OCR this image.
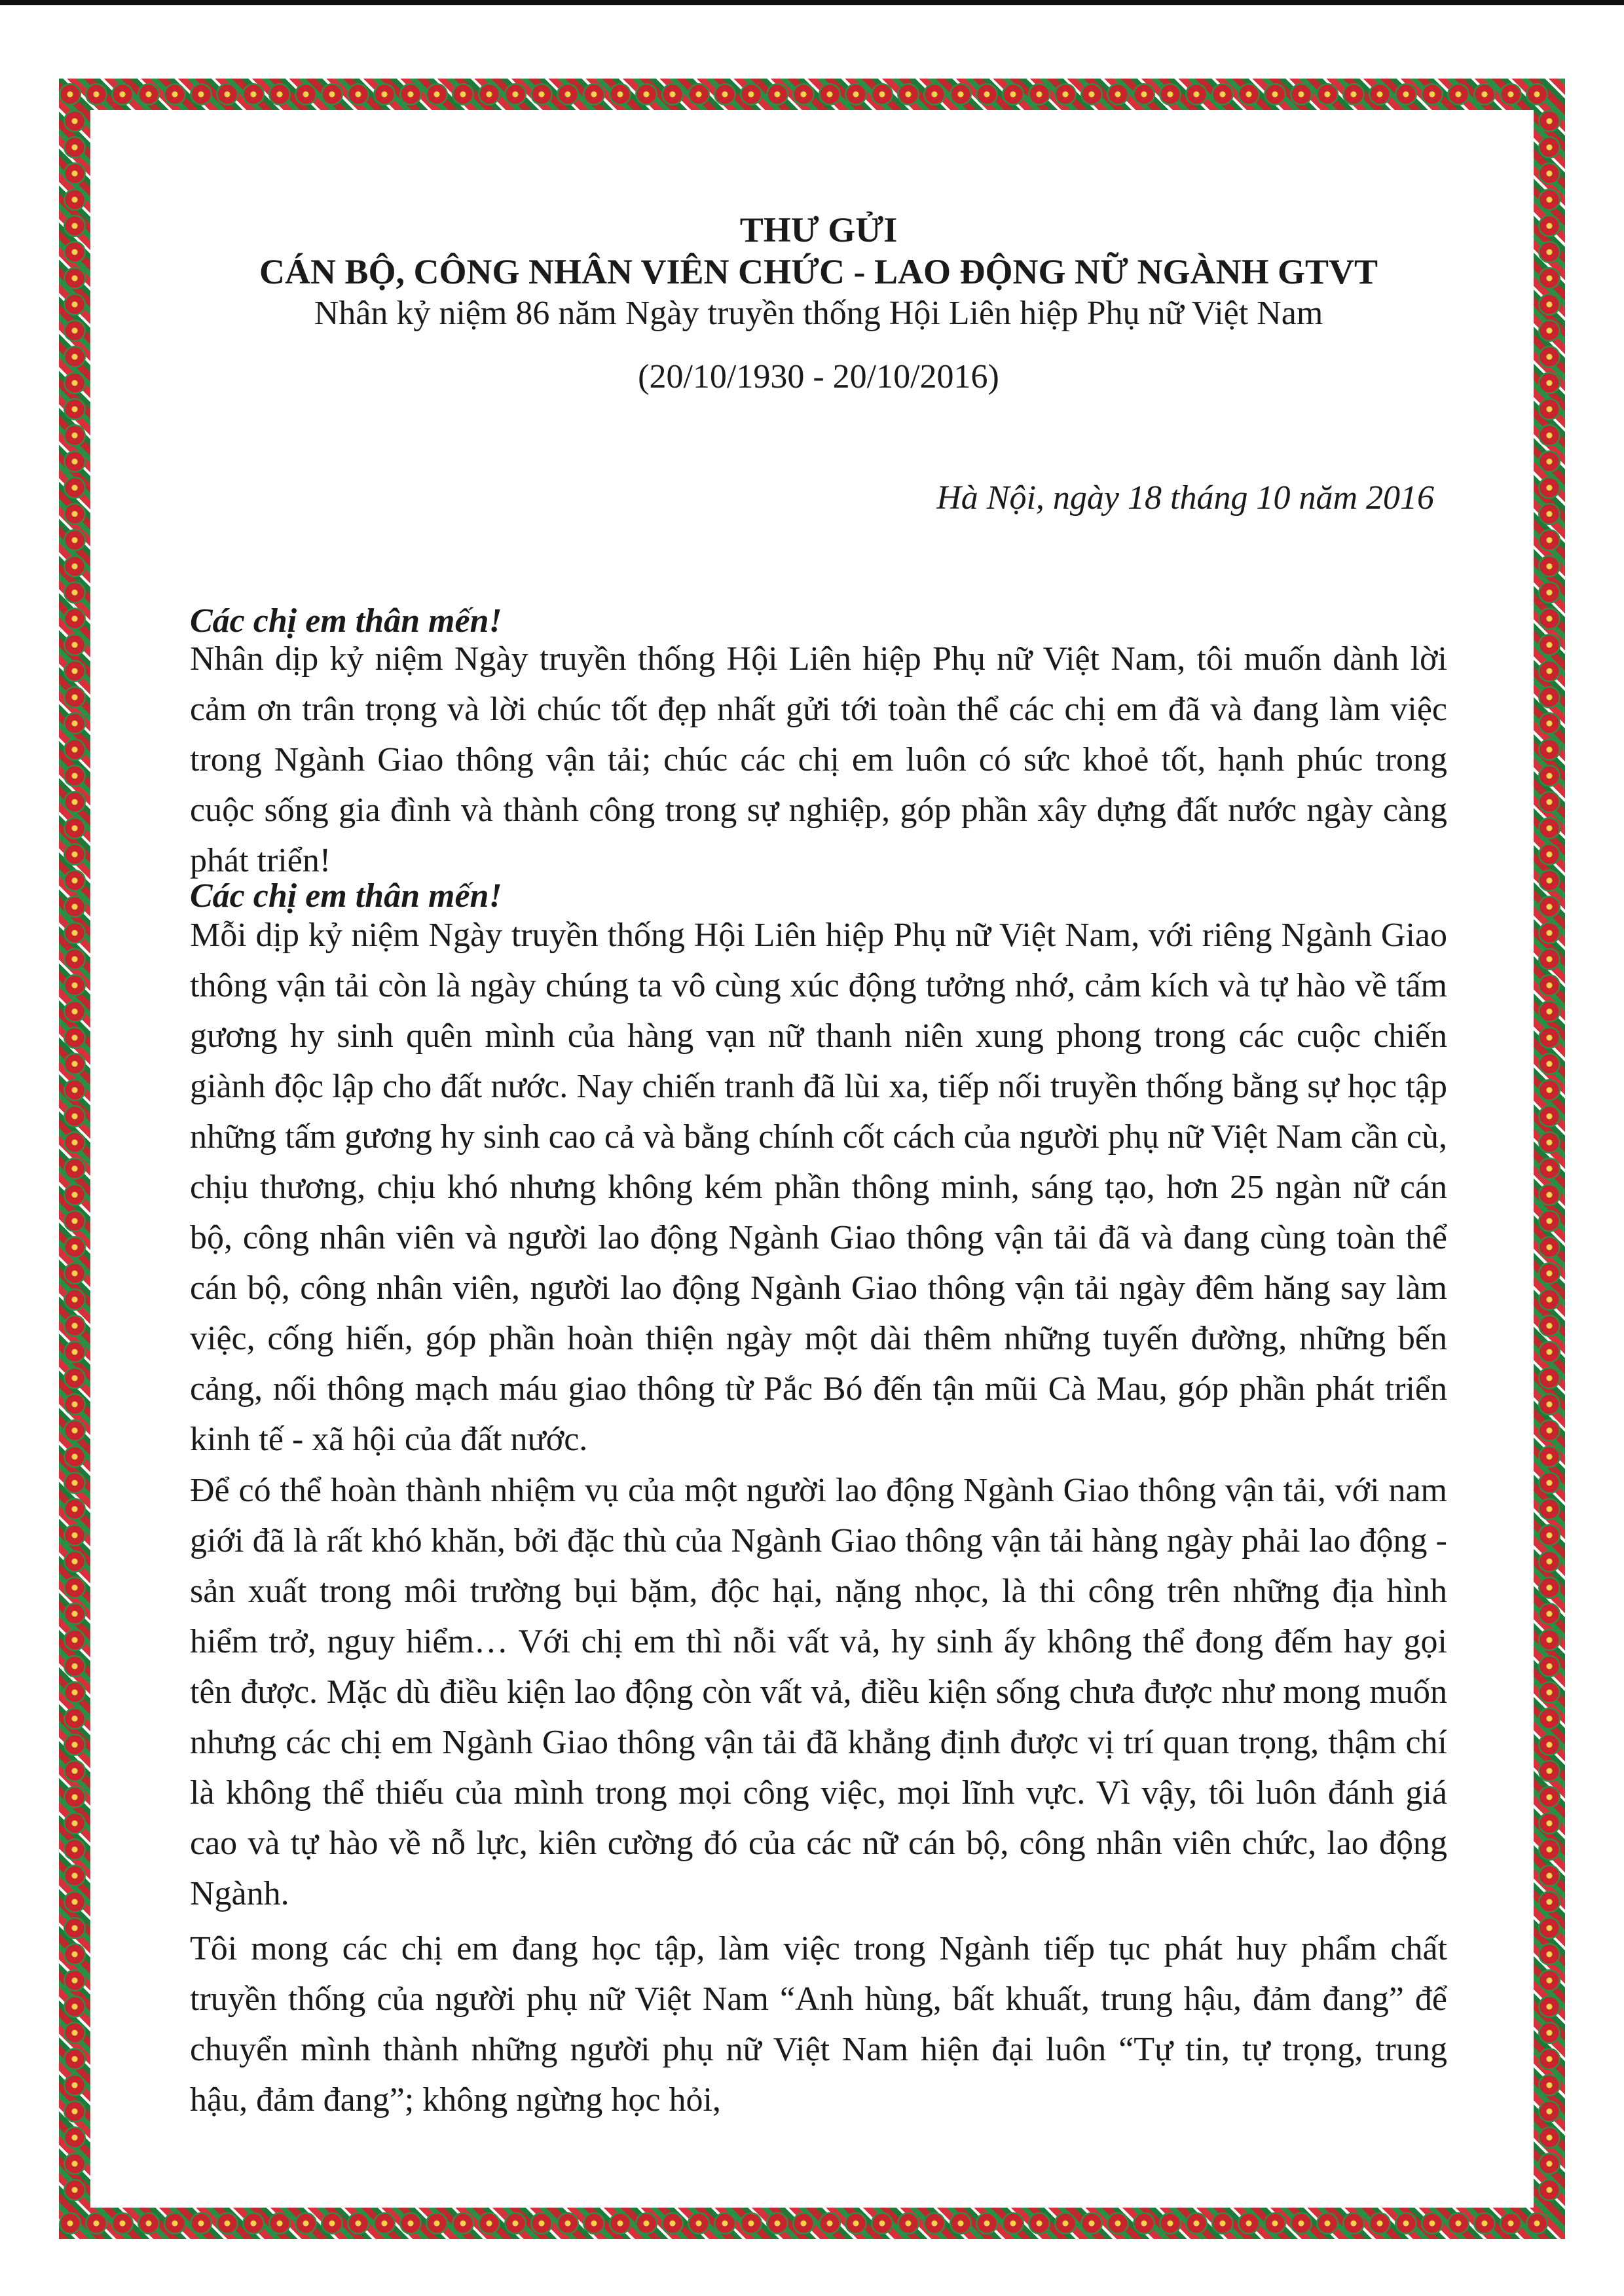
THƯ GỬI
CÁN BỘ, CÔNG NHÂN VIÊN CHỨC - LAO ĐỘNG NỮ NGÀNH GTVT
Nhân kỷ niệm 86 năm Ngày truyền thống Hội Liên hiệp Phụ nữ Việt Nam
(20/10/1930 - 20/10/2016)
Hà Nội, ngày 18 tháng 10 năm 2016
Các chị em thân mến!
Nhân dịp kỷ niệm Ngày truyền thống Hội Liên hiệp Phụ nữ Việt Nam, tôi muốn dành lời cảm ơn trân trọng và lời chúc tốt đẹp nhất gửi tới toàn thể các chị em đã và đang làm việc trong Ngành Giao thông vận tải; chúc các chị em luôn có sức khoẻ tốt, hạnh phúc trong cuộc sống gia đình và thành công trong sự nghiệp, góp phần xây dựng đất nước ngày càng phát triển!
Các chị em thân mến!
Mỗi dịp kỷ niệm Ngày truyền thống Hội Liên hiệp Phụ nữ Việt Nam, với riêng Ngành Giao thông vận tải còn là ngày chúng ta vô cùng xúc động tưởng nhớ, cảm kích và tự hào về tấm gương hy sinh quên mình của hàng vạn nữ thanh niên xung phong trong các cuộc chiến giành độc lập cho đất nước. Nay chiến tranh đã lùi xa, tiếp nối truyền thống bằng sự học tập những tấm gương hy sinh cao cả và bằng chính cốt cách của người phụ nữ Việt Nam cần cù, chịu thương, chịu khó nhưng không kém phần thông minh, sáng tạo, hơn 25 ngàn nữ cán bộ, công nhân viên và người lao động Ngành Giao thông vận tải đã và đang cùng toàn thể cán bộ, công nhân viên, người lao động Ngành Giao thông vận tải ngày đêm hăng say làm việc, cống hiến, góp phần hoàn thiện ngày một dài thêm những tuyến đường, những bến cảng, nối thông mạch máu giao thông từ Pắc Bó đến tận mũi Cà Mau, góp phần phát triển kinh tế - xã hội của đất nước.
Để có thể hoàn thành nhiệm vụ của một người lao động Ngành Giao thông vận tải, với nam giới đã là rất khó khăn, bởi đặc thù của Ngành Giao thông vận tải hàng ngày phải lao động - sản xuất trong môi trường bụi bặm, độc hại, nặng nhọc, là thi công trên những địa hình hiểm trở, nguy hiểm… Với chị em thì nỗi vất vả, hy sinh ấy không thể đong đếm hay gọi tên được. Mặc dù điều kiện lao động còn vất vả, điều kiện sống chưa được như mong muốn nhưng các chị em Ngành Giao thông vận tải đã khẳng định được vị trí quan trọng, thậm chí là không thể thiếu của mình trong mọi công việc, mọi lĩnh vực. Vì vậy, tôi luôn đánh giá cao và tự hào về nỗ lực, kiên cường đó của các nữ cán bộ, công nhân viên chức, lao động Ngành.
Tôi mong các chị em đang học tập, làm việc trong Ngành tiếp tục phát huy phẩm chất truyền thống của người phụ nữ Việt Nam “Anh hùng, bất khuất, trung hậu, đảm đang” để chuyển mình thành những người phụ nữ Việt Nam hiện đại luôn “Tự tin, tự trọng, trung hậu, đảm đang”; không ngừng học hỏi,
